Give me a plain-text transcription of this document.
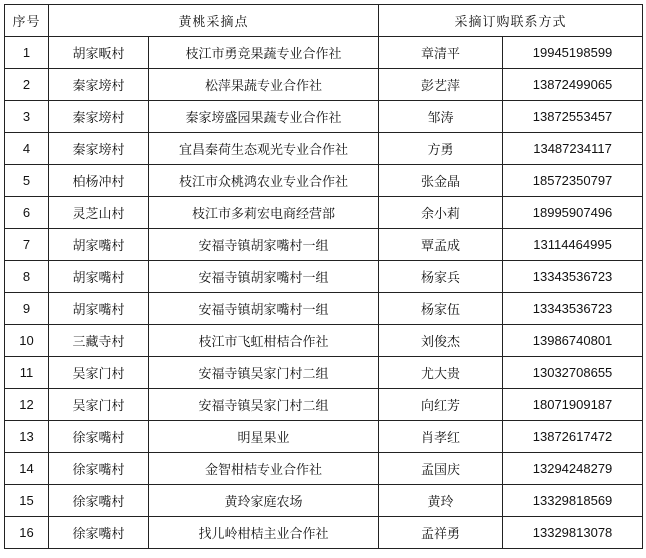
序号	黄桃采摘点		采摘订购联系方式	
1	胡家畈村	枝江市勇竞果蔬专业合作社	章清平	19945198599
2	秦家塝村	松萍果蔬专业合作社	彭艺萍	13872499065
3	秦家塝村	秦家塝盛园果蔬专业合作社	邹涛	13872553457
4	秦家塝村	宜昌秦荷生态观光专业合作社	方勇	13487234117
5	柏杨冲村	枝江市众桃鸿农业专业合作社	张金晶	18572350797
6	灵芝山村	枝江市多莉宏电商经营部	余小莉	18995907496
7	胡家嘴村	安福寺镇胡家嘴村一组	覃孟成	13114464995
8	胡家嘴村	安福寺镇胡家嘴村一组	杨家兵	13343536723
9	胡家嘴村	安福寺镇胡家嘴村一组	杨家伍	13343536723
10	三藏寺村	枝江市飞虹柑桔合作社	刘俊杰	13986740801
11	吴家门村	安福寺镇吴家门村二组	尤大贵	13032708655
12	吴家门村	安福寺镇吴家门村二组	向红芳	18071909187
13	徐家嘴村	明星果业	肖孝红	13872617472
14	徐家嘴村	金智柑桔专业合作社	孟国庆	13294248279
15	徐家嘴村	黄玲家庭农场	黄玲	13329818569
16	徐家嘴村	找儿岭柑桔主业合作社	孟祥勇	13329813078
